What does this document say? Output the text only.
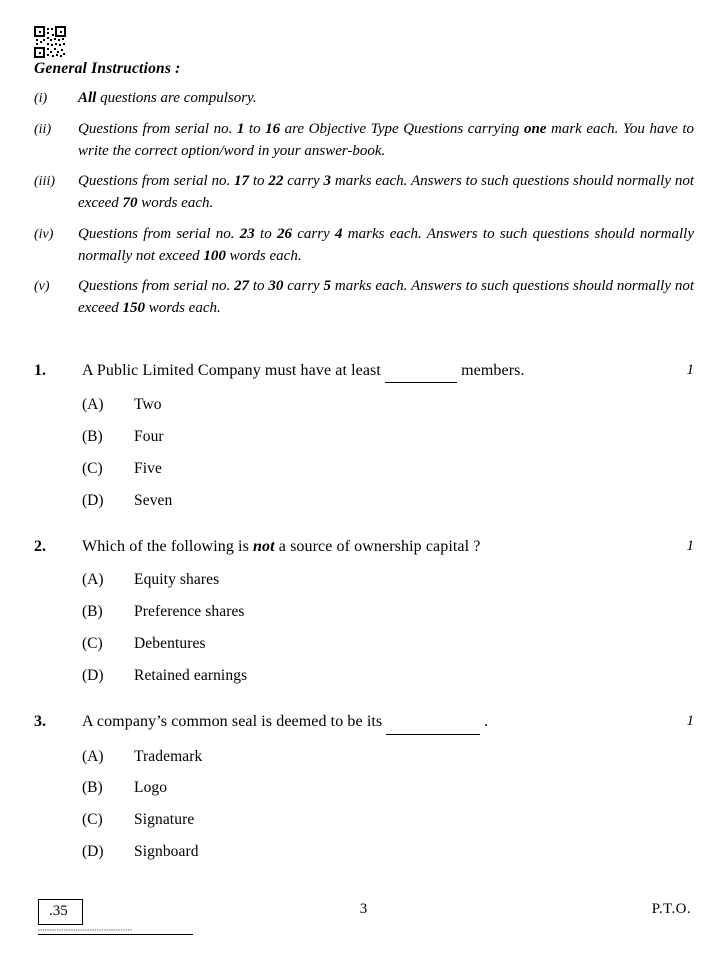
General Instructions :
(i)	All questions are compulsory.
(ii)	Questions from serial no. 1 to 16 are Objective Type Questions carrying one mark each. You have to write the correct option/word in your answer-book.
(iii)	Questions from serial no. 17 to 22 carry 3 marks each. Answers to such questions should normally not exceed 70 words each.
(iv)	Questions from serial no. 23 to 26 carry 4 marks each. Answers to such questions should normally normally not exceed 100 words each.
(v)	Questions from serial no. 27 to 30 carry 5 marks each. Answers to such questions should normally not exceed 150 words each.
1.	A Public Limited Company must have at least	members.	1
(A)	Two
(B)	Four
(C)	Five
(D)	Seven
2.	Which of the following is not a source of ownership capital ?	1
(A)	Equity shares
(B)	Preference shares
(C)	Debentures
(D)	Retained earnings
3.	A company’s common seal is deemed to be its	.	1
(A)	Trademark
(B)	Logo
(C)	Signature
(D)	Signboard
.35
3 5 0 0 0 0 0 0 0 0 0 0 0 0 0 0 0 0 0 0 0 0 0 0 0 0 0 0 0 0 0 0 0 0 0 0 0 0 0 0
3	P.T.O.
